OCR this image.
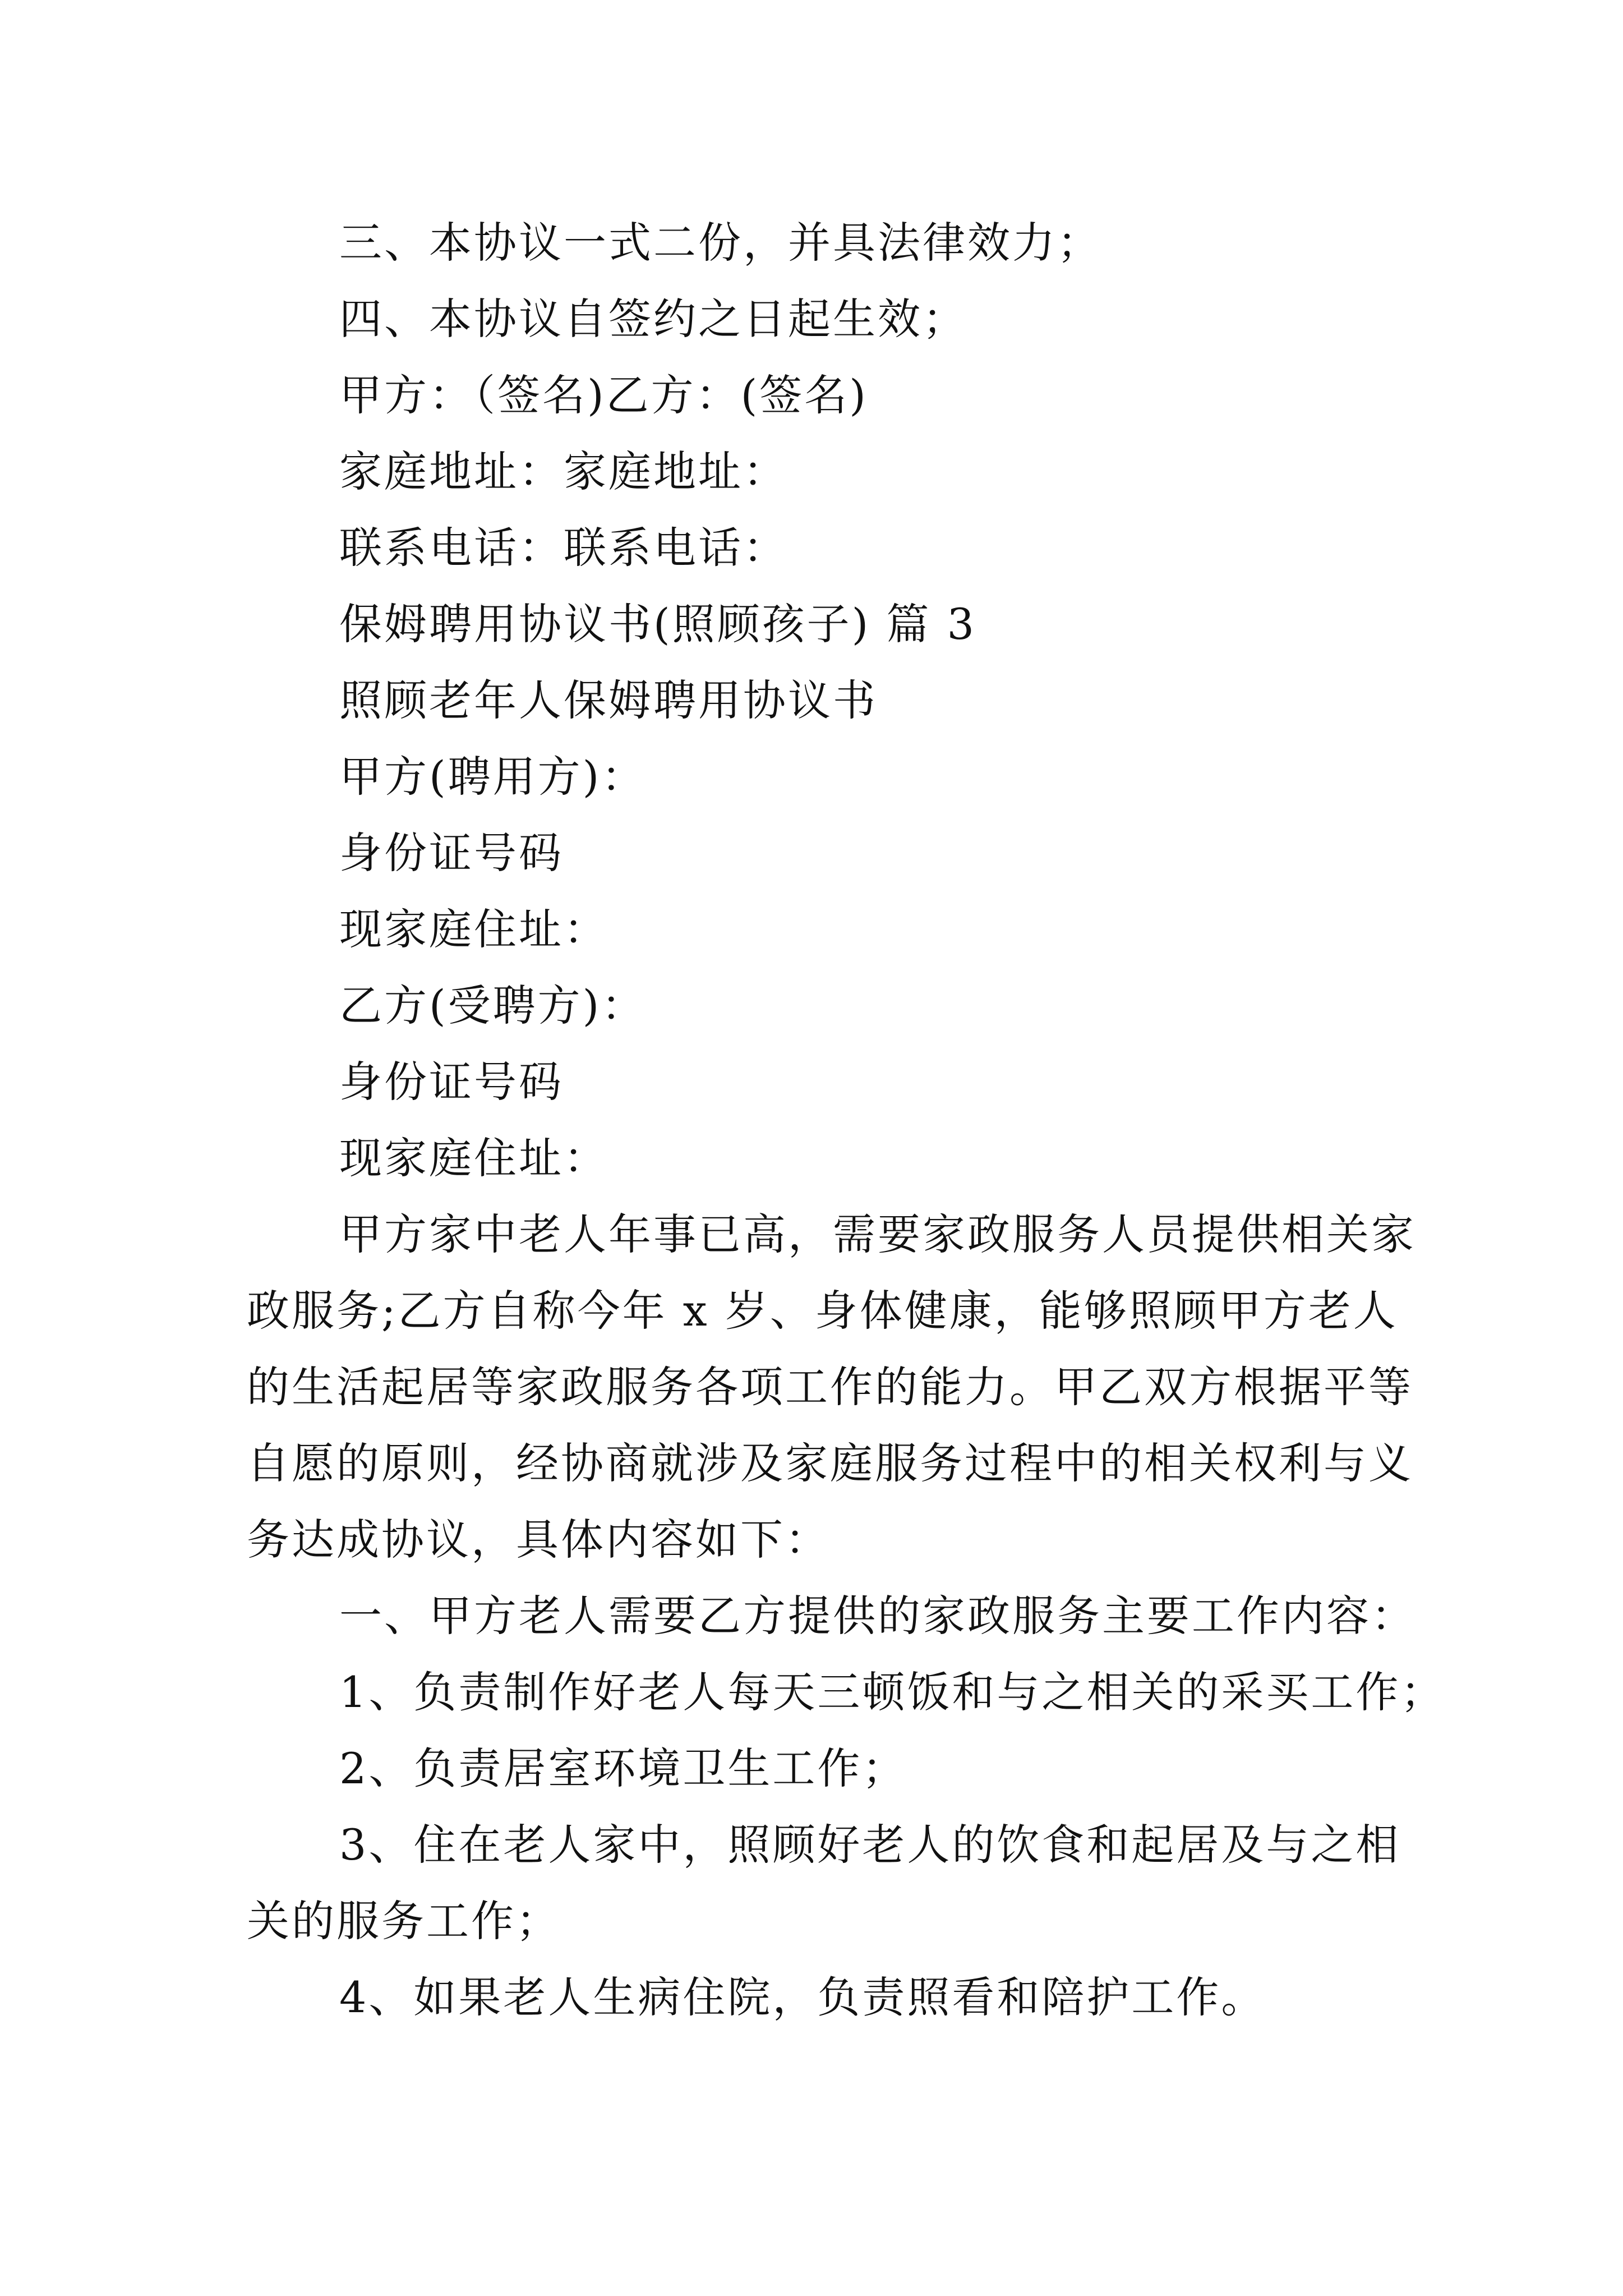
三、本协议一式二份，并具法律效力；
四、本协议自签约之日起生效；
甲方：（签名)乙方：(签名)
家庭地址：家庭地址：
联系电话：联系电话：
保姆聘用协议书(照顾孩子) 篇 3
照顾老年人保姆聘用协议书
甲方(聘用方)：
身份证号码
现家庭住址：
乙方(受聘方)：
身份证号码
现家庭住址：
甲方家中老人年事已高，需要家政服务人员提供相关家
政服务;乙方自称今年 x 岁、身体健康，能够照顾甲方老人
的生活起居等家政服务各项工作的能力。甲乙双方根据平等
自愿的原则，经协商就涉及家庭服务过程中的相关权利与义
务达成协议，具体内容如下：
一、甲方老人需要乙方提供的家政服务主要工作内容：
1、负责制作好老人每天三顿饭和与之相关的采买工作；
2、负责居室环境卫生工作；
3、住在老人家中，照顾好老人的饮食和起居及与之相
关的服务工作；
4、如果老人生病住院，负责照看和陪护工作。
